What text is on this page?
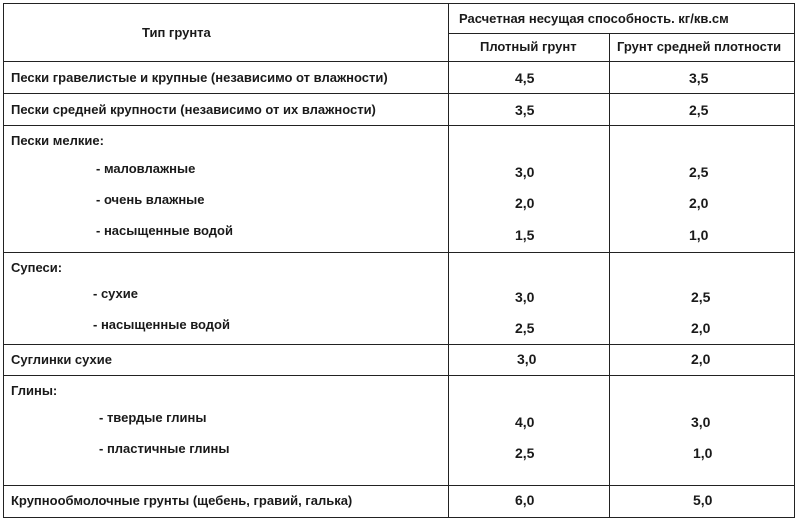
Тип грунта
Расчетная несущая способность. кг/кв.см
Плотный грунт	Грунт средней плотности
Пески гравелистые и крупные (независимо от влажности)	4,5	3,5
Пески средней крупности (независимо от их влажности)	3,5	2,5
Пески мелкие:
- маловлажные	3,0	2,5
- очень влажные	2,0	2,0
- насыщенные водой	1,5	1,0
Супеси:
- сухие	3,0	2,5
- насыщенные водой	2,5	2,0
Суглинки сухие	3,0	2,0
Глины:
- твердые глины	4,0	3,0
- пластичные глины	2,5	1,0
Крупнообмолочные грунты (щебень, гравий, галька)	6,0	5,0
